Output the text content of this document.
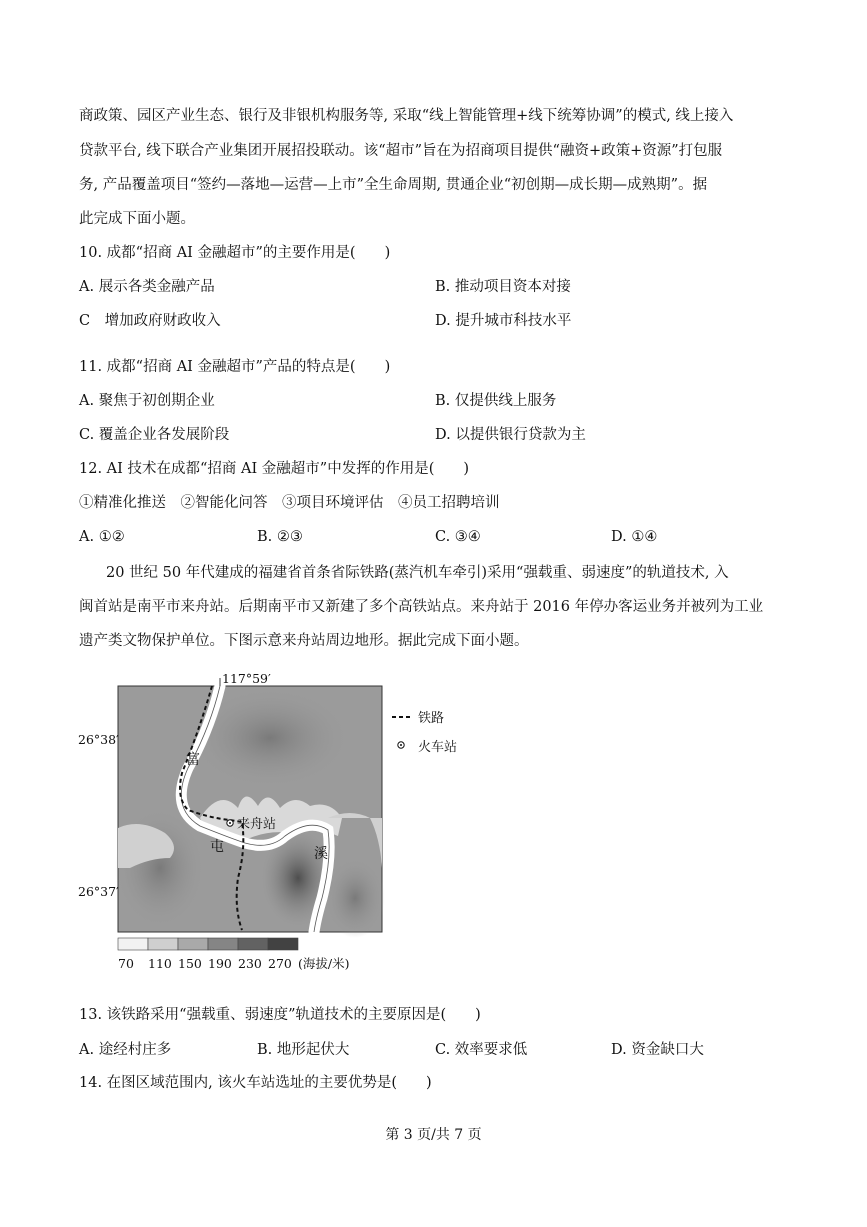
商政策、园区产业生态、银行及非银机构服务等, 采取“线上智能管理+线下统筹协调”的模式, 线上接入
贷款平台, 线下联合产业集团开展招投联动。该“超市”旨在为招商项目提供“融资+政策+资源”打包服
务, 产品覆盖项目“签约—落地—运营—上市”全生命周期, 贯通企业“初创期—成长期—成熟期”。据
此完成下面小题。
10. 成都“招商 AI 金融超市”的主要作用是(　　)
A. 展示各类金融产品	B. 推动项目资本对接
C　增加政府财政收入	D. 提升城市科技水平
11. 成都“招商 AI 金融超市”产品的特点是(　　)
A. 聚焦于初创期企业	B. 仅提供线上服务
C. 覆盖企业各发展阶段	D. 以提供银行贷款为主
12. AI 技术在成都“招商 AI 金融超市”中发挥的作用是(　　)
①精准化推送　②智能化问答　③项目环境评估　④员工招聘培训
A. ①②	B. ②③	C. ③④	D. ①④
20 世纪 50 年代建成的福建省首条省际铁路(蒸汽机车牵引)采用“强载重、弱速度”的轨道技术, 入
闽首站是南平市来舟站。后期南平市又新建了多个高铁站点。来舟站于 2016 年停办客运业务并被列为工业
遗产类文物保护单位。下图示意来舟站周边地形。据此完成下面小题。
来舟站
富
屯	溪
117°59′
26°38′
26°37′
铁路
火车站
70 110 150 190 230 270 (海拔/米)
13. 该铁路采用“强载重、弱速度”轨道技术的主要原因是(　　)
A. 途经村庄多	B. 地形起伏大	C. 效率要求低	D. 资金缺口大
14. 在图区域范围内, 该火车站选址的主要优势是(　　)
第 3 页/共 7 页
